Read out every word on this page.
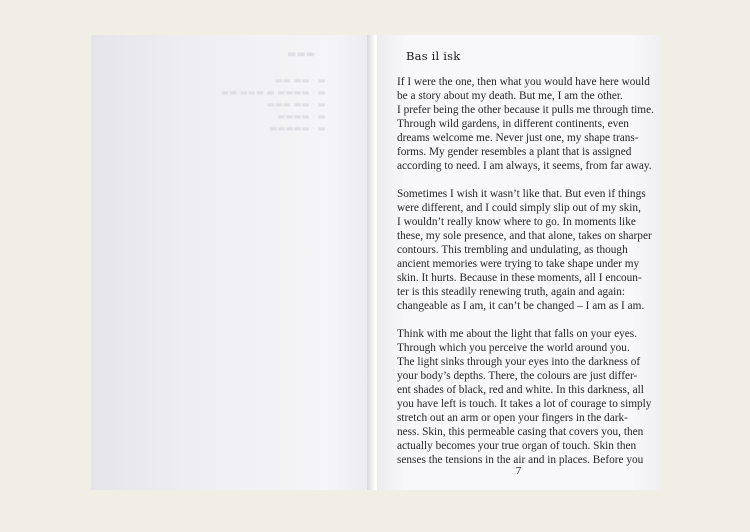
▬▬▬
▬▬ ▬▬ · ▬
▬▬ ▬▬▬ ▬ ▬▬▬▬ · ▬
▬▬▬ ▬▬ · ▬
▬▬▬▬ · ▬
▬▬▬▬▬ · ▬
Bas il isk

If I were the one, then what you would have here would
be a story about my death. But me, I am the other.
I prefer being the other because it pulls me through time.
Through wild gardens, in different continents, even
dreams welcome me. Never just one, my shape trans-
forms. My gender resembles a plant that is assigned
according to need. I am always, it seems, from far away.

Sometimes I wish it wasn’t like that. But even if things
were different, and I could simply slip out of my skin,
I wouldn’t really know where to go. In moments like
these, my sole presence, and that alone, takes on sharper
contours. This trembling and undulating, as though
ancient memories were trying to take shape under my
skin. It hurts. Because in these moments, all I encoun-
ter is this steadily renewing truth, again and again:
changeable as I am, it can’t be changed – I am as I am.

Think with me about the light that falls on your eyes.
Through which you perceive the world around you.
The light sinks through your eyes into the darkness of
your body’s depths. There, the colours are just differ-
ent shades of black, red and white. In this darkness, all
you have left is touch. It takes a lot of courage to simply
stretch out an arm or open your fingers in the dark-
ness. Skin, this permeable casing that covers you, then
actually becomes your true organ of touch. Skin then
senses the tensions in the air and in places. Before you

7
